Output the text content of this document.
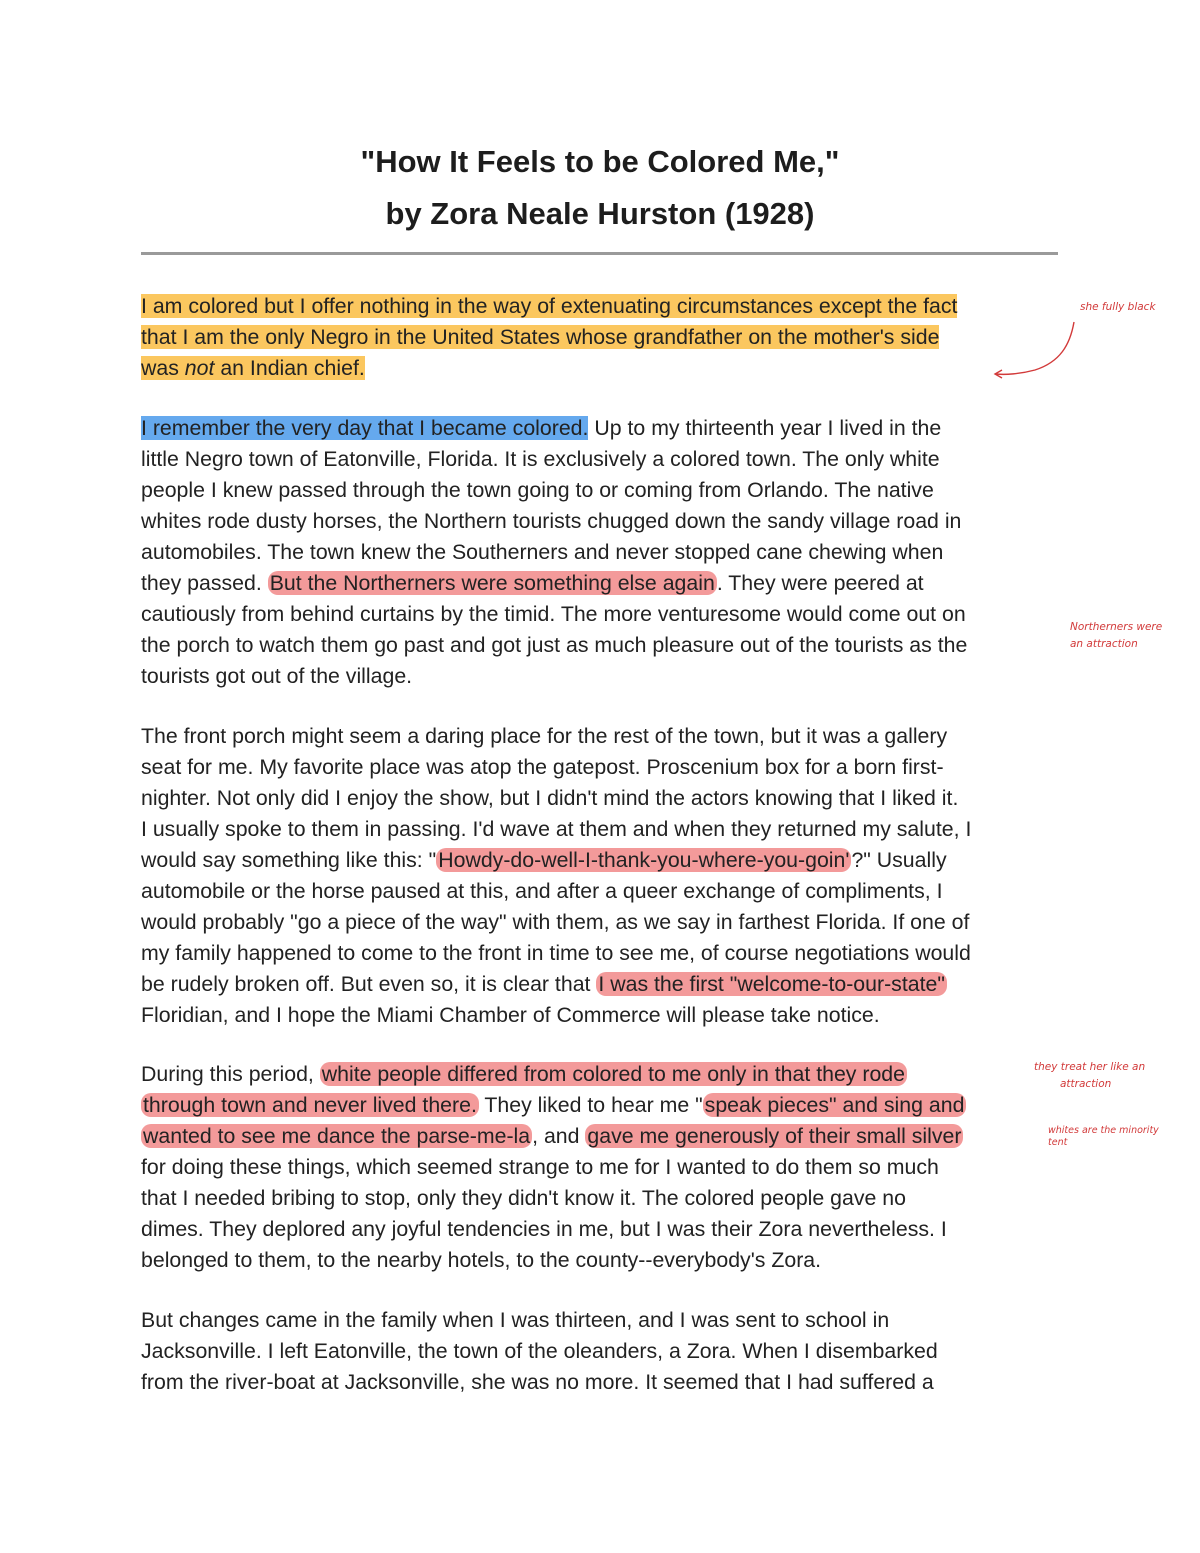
"How It Feels to be Colored Me,"
by Zora Neale Hurston (1928)
I am colored but I offer nothing in the way of extenuating circumstances except the fact
that I am the only Negro in the United States whose grandfather on the mother's side
was not an Indian chief.
I remember the very day that I became colored. Up to my thirteenth year I lived in the
little Negro town of Eatonville, Florida. It is exclusively a colored town. The only white
people I knew passed through the town going to or coming from Orlando. The native
whites rode dusty horses, the Northern tourists chugged down the sandy village road in
automobiles. The town knew the Southerners and never stopped cane chewing when
they passed. But the Northerners were something else again. They were peered at
cautiously from behind curtains by the timid. The more venturesome would come out on
the porch to watch them go past and got just as much pleasure out of the tourists as the
tourists got out of the village.
The front porch might seem a daring place for the rest of the town, but it was a gallery
seat for me. My favorite place was atop the gatepost. Proscenium box for a born first-
nighter. Not only did I enjoy the show, but I didn't mind the actors knowing that I liked it.
I usually spoke to them in passing. I'd wave at them and when they returned my salute, I
would say something like this: "Howdy-do-well-I-thank-you-where-you-goin'?" Usually
automobile or the horse paused at this, and after a queer exchange of compliments, I
would probably "go a piece of the way" with them, as we say in farthest Florida. If one of
my family happened to come to the front in time to see me, of course negotiations would
be rudely broken off. But even so, it is clear that I was the first "welcome-to-our-state"
Floridian, and I hope the Miami Chamber of Commerce will please take notice.
During this period, white people differed from colored to me only in that they rode
through town and never lived there. They liked to hear me "speak pieces" and sing and
wanted to see me dance the parse-me-la, and gave me generously of their small silver
for doing these things, which seemed strange to me for I wanted to do them so much
that I needed bribing to stop, only they didn't know it. The colored people gave no
dimes. They deplored any joyful tendencies in me, but I was their Zora nevertheless. I
belonged to them, to the nearby hotels, to the county--everybody's Zora.
But changes came in the family when I was thirteen, and I was sent to school in
Jacksonville. I left Eatonville, the town of the oleanders, a Zora. When I disembarked
from the river-boat at Jacksonville, she was no more. It seemed that I had suffered a
she fully black
Northerners were
an attraction
they treat her like an
attraction
whites are the minority
tent
